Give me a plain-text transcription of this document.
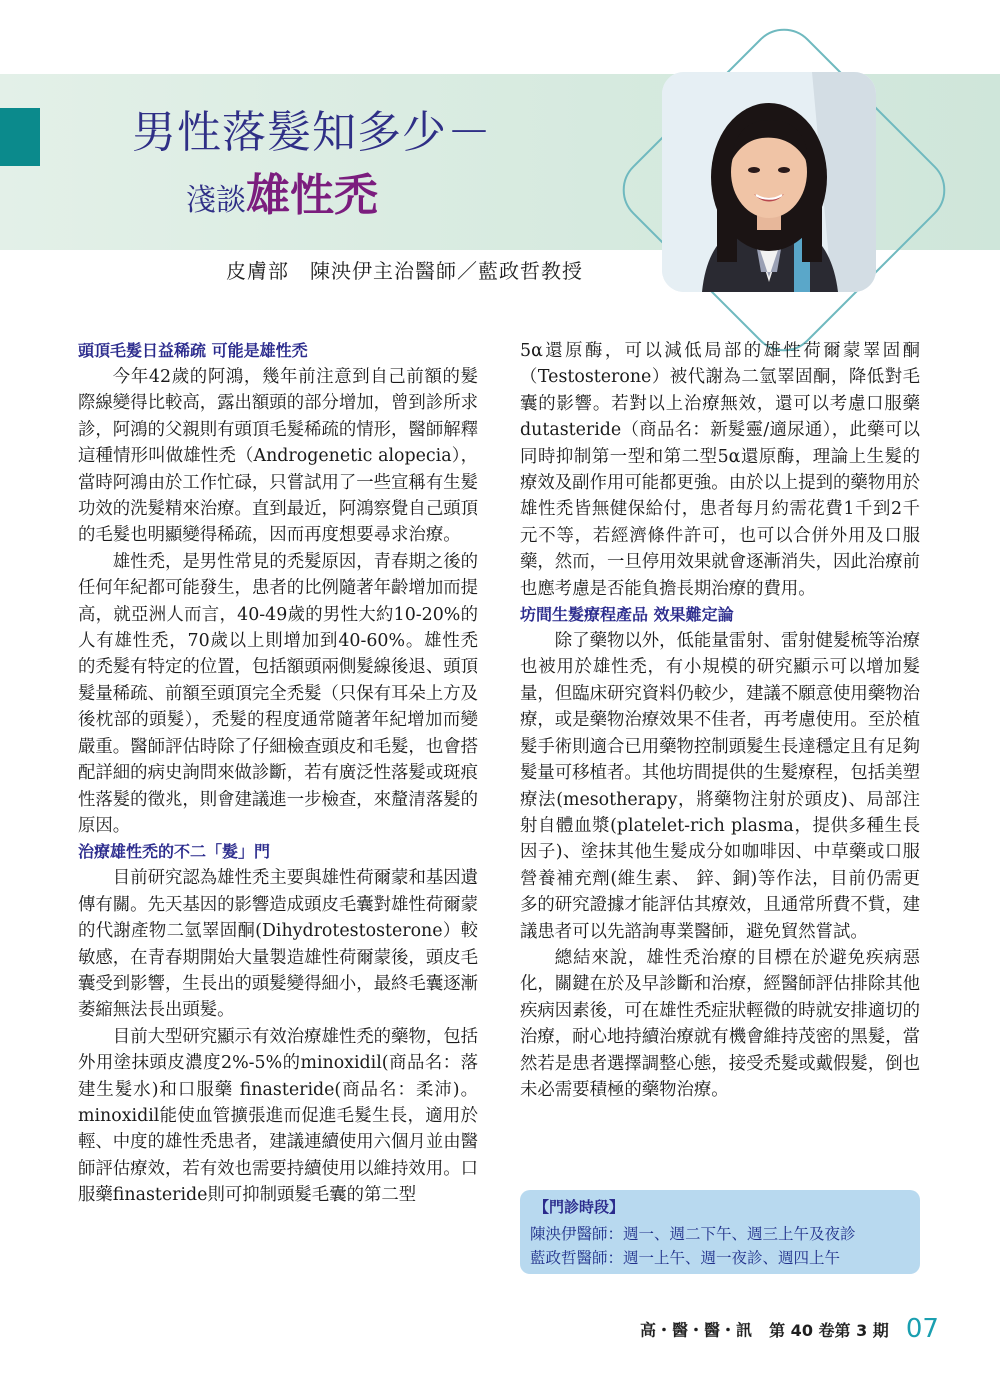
男性落髮知多少－
淺談雄性禿
皮膚部　陳泱伊主治醫師／藍政哲教授

頭頂毛髮日益稀疏 可能是雄性禿

今年42歲的阿鴻，幾年前注意到自己前額的髮際線變得比較高，露出額頭的部分增加，曾到診所求診，阿鴻的父親則有頭頂毛髮稀疏的情形，醫師解釋這種情形叫做雄性禿（Androgenetic alopecia），當時阿鴻由於工作忙碌，只嘗試用了一些宣稱有生髮功效的洗髮精來治療。直到最近，阿鴻察覺自己頭頂的毛髮也明顯變得稀疏，因而再度想要尋求治療。

雄性禿，是男性常見的禿髮原因，青春期之後的任何年紀都可能發生，患者的比例隨著年齡增加而提高，就亞洲人而言，40-49歲的男性大約10-20%的人有雄性禿，70歲以上則增加到40-60%。雄性禿的禿髮有特定的位置，包括額頭兩側髮線後退、頭頂髮量稀疏、前額至頭頂完全禿髮（只保有耳朵上方及後枕部的頭髮），禿髮的程度通常隨著年紀增加而變嚴重。醫師評估時除了仔細檢查頭皮和毛髮，也會搭配詳細的病史詢問來做診斷，若有廣泛性落髮或斑痕性落髮的徵兆，則會建議進一步檢查，來釐清落髮的原因。

治療雄性禿的不二「髮」門

目前研究認為雄性禿主要與雄性荷爾蒙和基因遺傳有關。先天基因的影響造成頭皮毛囊對雄性荷爾蒙的代謝產物二氫睪固酮(Dihydrotestosterone）較敏感，在青春期開始大量製造雄性荷爾蒙後，頭皮毛囊受到影響，生長出的頭髮變得細小，最終毛囊逐漸萎縮無法長出頭髮。

目前大型研究顯示有效治療雄性禿的藥物，包括外用塗抹頭皮濃度2%-5%的minoxidil(商品名：落建生髮水)和口服藥 finasteride(商品名：柔沛)。minoxidil能使血管擴張進而促進毛髮生長，適用於輕、中度的雄性禿患者，建議連續使用六個月並由醫師評估療效，若有效也需要持續使用以維持效用。口服藥finasteride則可抑制頭髮毛囊的第二型

5α還原酶，可以減低局部的雄性荷爾蒙睪固酮（Testosterone）被代謝為二氫睪固酮，降低對毛囊的影響。若對以上治療無效，還可以考慮口服藥dutasteride（商品名：新髮靈/適尿通），此藥可以同時抑制第一型和第二型5α還原酶，理論上生髮的療效及副作用可能都更強。由於以上提到的藥物用於雄性禿皆無健保給付，患者每月約需花費1千到2千元不等，若經濟條件許可，也可以合併外用及口服藥，然而，一旦停用效果就會逐漸消失，因此治療前也應考慮是否能負擔長期治療的費用。

坊間生髮療程產品 效果難定論

除了藥物以外，低能量雷射、雷射健髮梳等治療也被用於雄性禿，有小規模的研究顯示可以增加髮量，但臨床研究資料仍較少，建議不願意使用藥物治療，或是藥物治療效果不佳者，再考慮使用。至於植髮手術則適合已用藥物控制頭髮生長達穩定且有足夠髮量可移植者。其他坊間提供的生髮療程，包括美塑療法(mesotherapy，將藥物注射於頭皮)、局部注射自體血漿(platelet-rich plasma，提供多種生長因子)、塗抹其他生髮成分如咖啡因、中草藥或口服營養補充劑(維生素、 鋅、銅)等作法，目前仍需更多的研究證據才能評估其療效，且通常所費不貲，建議患者可以先諮詢專業醫師，避免貿然嘗試。

總結來說，雄性禿治療的目標在於避免疾病惡化，關鍵在於及早診斷和治療，經醫師評估排除其他疾病因素後，可在雄性禿症狀輕微的時就安排適切的治療，耐心地持續治療就有機會維持茂密的黑髮，當然若是患者選擇調整心態，接受禿髮或戴假髮，倒也未必需要積極的藥物治療。

【門診時段】
陳泱伊醫師：週一、週二下午、週三上午及夜診
藍政哲醫師：週一上午、週一夜診、週四上午
高・醫・醫・訊 第 40 卷第 3 期 07
